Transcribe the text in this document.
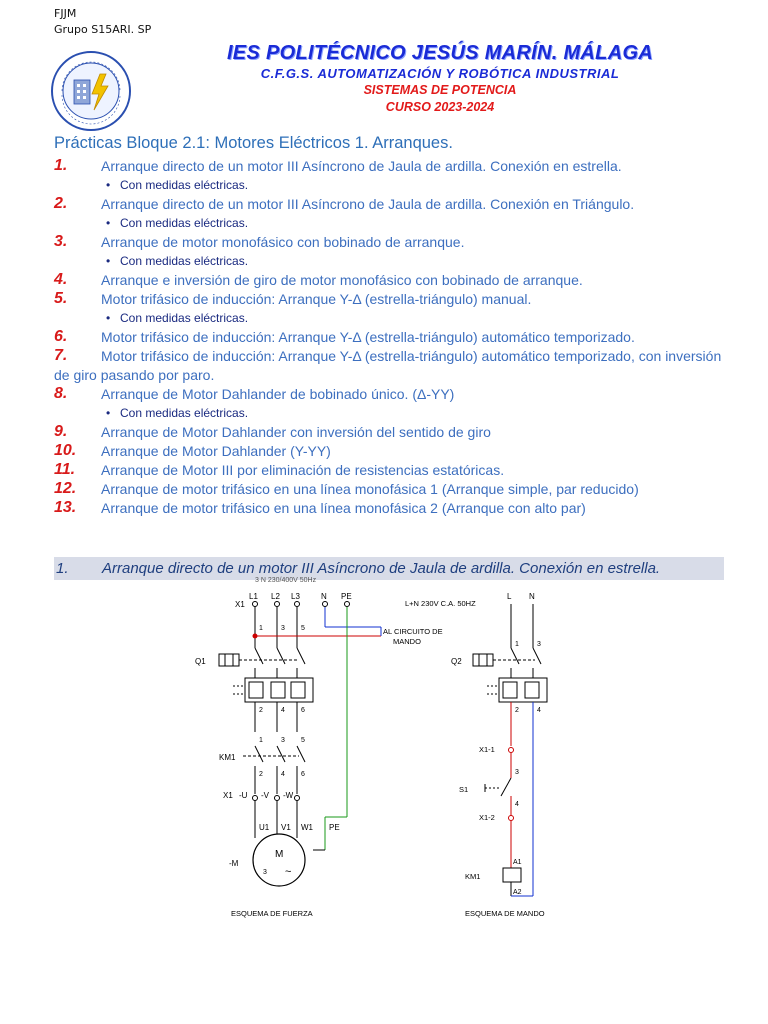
FJJM
Grupo S15ARI. SP
IES POLITÉCNICO JESÚS MARÍN. MÁLAGA
C.F.G.S. AUTOMATIZACIÓN Y ROBÓTICA INDUSTRIAL
SISTEMAS DE POTENCIA
CURSO 2023-2024
Prácticas Bloque 2.1: Motores Eléctricos 1. Arranques.
1. Arranque directo de un motor III Asíncrono de Jaula de ardilla. Conexión en estrella.
• Con medidas eléctricas.
2. Arranque directo de un motor III Asíncrono de Jaula de ardilla. Conexión en Triángulo.
• Con medidas eléctricas.
3. Arranque de motor monofásico con bobinado de arranque.
• Con medidas eléctricas.
4. Arranque e inversión de giro de motor monofásico con bobinado de arranque.
5. Motor trifásico de inducción: Arranque Y-Δ (estrella-triángulo) manual.
• Con medidas eléctricas.
6. Motor trifásico de inducción: Arranque Y-Δ (estrella-triángulo) automático temporizado.
7. Motor trifásico de inducción: Arranque Y-Δ (estrella-triángulo) automático temporizado, con inversión de giro pasando por paro.
8. Arranque de Motor Dahlander de bobinado único. (Δ-YY)
• Con medidas eléctricas.
9. Arranque de Motor Dahlander con inversión del sentido de giro
10. Arranque de Motor Dahlander (Y-YY)
11. Arranque de Motor III por eliminación de resistencias estatóricas.
12. Arranque de motor trifásico en una línea monofásica 1 (Arranque simple, par reducido)
13. Arranque de motor trifásico en una línea monofásica 2 (Arranque con alto par)
1. Arranque directo de un motor III Asíncrono de Jaula de ardilla. Conexión en estrella.
3 N 230/400V 50Hz
X1
L1 L2 L3	N PE
AL CIRCUITO DE
MANDO
1	3 5
Q1
2	4 6
1	3 5
KM1
2	4 6
X1 -U -V -W
U1 V1 W1 PE
M
3 ~
-M
ESQUEMA DE FUERZA
L+N 230V C.A. 50HZ
L N
1	3
Q2
2	4
X1-1
3
S1
4
X1-2
A1
KM1
A2
ESQUEMA DE MANDO
